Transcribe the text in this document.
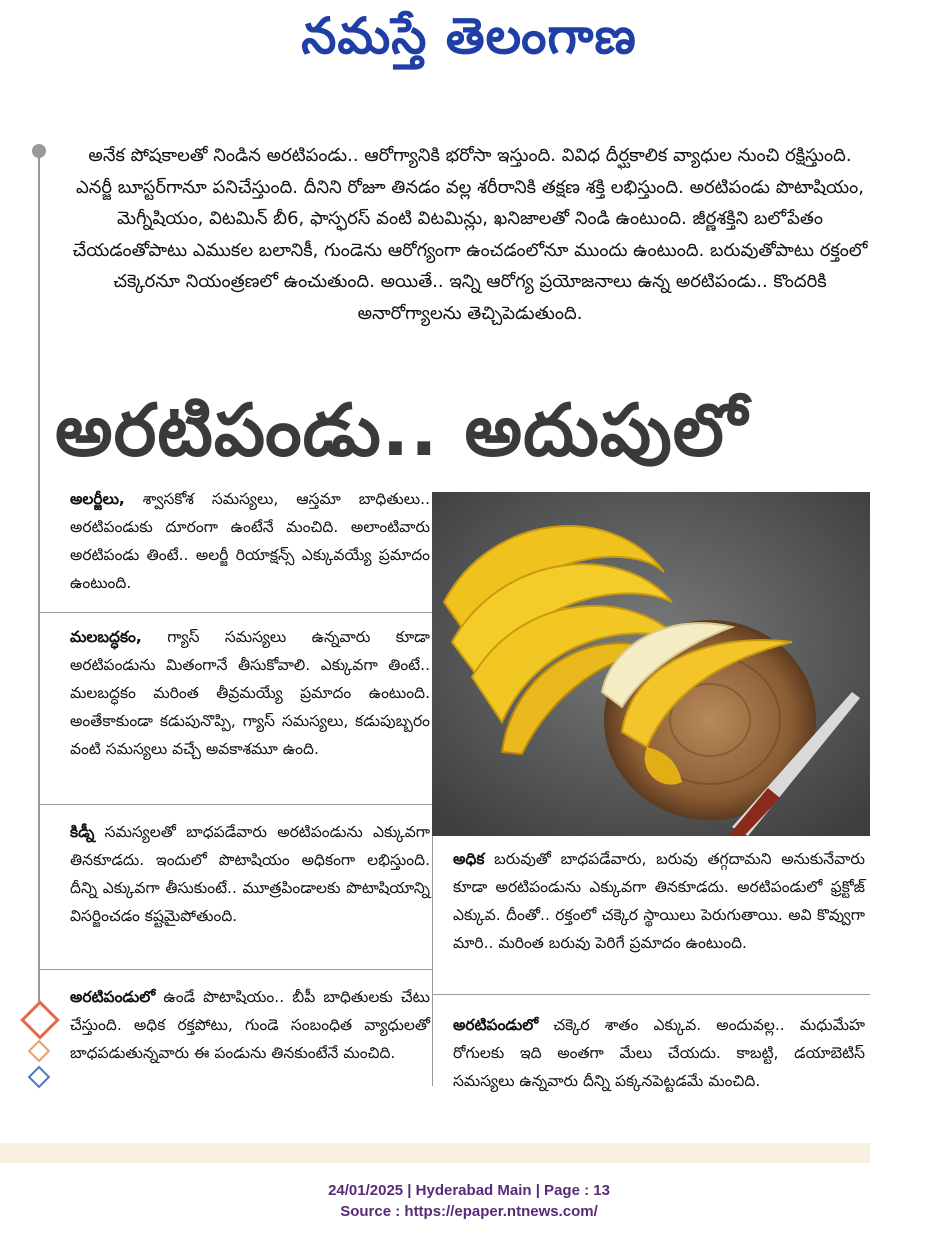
నమస్తే తెలంగాణ
అనేక పోషకాలతో నిండిన అరటిపండు.. ఆరోగ్యానికి భరోసా ఇస్తుంది. వివిధ దీర్ఘకాలిక వ్యాధుల నుంచి రక్షిస్తుంది. ఎనర్జీ బూస్టర్‌గానూ పనిచేస్తుంది. దీనిని రోజూ తినడం వల్ల శరీరానికి తక్షణ శక్తి లభిస్తుంది. అరటిపండు పొటాషియం, మెగ్నీషియం, విటమిన్ బీ6, ఫాస్ఫరస్ వంటి విటమిన్లు, ఖనిజాలతో నిండి ఉంటుంది. జీర్ణశక్తిని బలోపేతం చేయడంతోపాటు ఎముకల బలానికీ, గుండెను ఆరోగ్యంగా ఉంచడంలోనూ ముందు ఉంటుంది. బరువుతోపాటు రక్తంలో చక్కెరనూ నియంత్రణలో ఉంచుతుంది. అయితే.. ఇన్ని ఆరోగ్య ప్రయోజనాలు ఉన్న అరటిపండు.. కొందరికి అనారోగ్యాలను తెచ్చిపెడుతుంది.
అరటిపండు.. అదుపులో
అలర్జీలు, శ్వాసకోశ సమస్యలు, ఆస్తమా బాధితులు.. అరటిపండుకు దూరంగా ఉంటేనే మంచిది. అలాంటివారు అరటిపండు తింటే.. అలర్జీ రియాక్షన్స్ ఎక్కువయ్యే ప్రమాదం ఉంటుంది.
మలబద్ధకం, గ్యాస్ సమస్యలు ఉన్నవారు కూడా అరటిపండును మితంగానే తీసుకోవాలి. ఎక్కువగా తింటే.. మలబద్ధకం మరింత తీవ్రమయ్యే ప్రమాదం ఉంటుంది. అంతేకాకుండా కడుపునొప్పి, గ్యాస్ సమస్యలు, కడుపుబ్బరం వంటి సమస్యలు వచ్చే అవకాశమూ ఉంది.
కిడ్నీ సమస్యలతో బాధపడేవారు అరటిపండును ఎక్కువగా తినకూడదు. ఇందులో పొటాషియం అధికంగా లభిస్తుంది. దీన్ని ఎక్కువగా తీసుకుంటే.. మూత్రపిండాలకు పొటాషియాన్ని విసర్జించడం కష్టమైపోతుంది.
అరటిపండులో ఉండే పొటాషియం.. బీపీ బాధితులకు చేటు చేస్తుంది. అధిక రక్తపోటు, గుండె సంబంధిత వ్యాధులతో బాధపడుతున్నవారు ఈ పండును తినకుంటేనే మంచిది.
అధిక బరువుతో బాధపడేవారు, బరువు తగ్గదామని అనుకునేవారు కూడా అరటిపండును ఎక్కువగా తినకూడదు. అరటిపండులో ఫ్రక్టోజ్ ఎక్కువ. దీంతో.. రక్తంలో చక్కెర స్థాయిలు పెరుగుతాయి. అవి కొవ్వుగా మారి.. మరింత బరువు పెరిగే ప్రమాదం ఉంటుంది.
అరటిపండులో చక్కెర శాతం ఎక్కువ. అందువల్ల.. మధుమేహ రోగులకు ఇది అంతగా మేలు చేయదు. కాబట్టి, డయాబెటిస్ సమస్యలు ఉన్నవారు దీన్ని పక్కనపెట్టడమే మంచిది.
24/01/2025 | Hyderabad Main | Page : 13
Source : https://epaper.ntnews.com/
